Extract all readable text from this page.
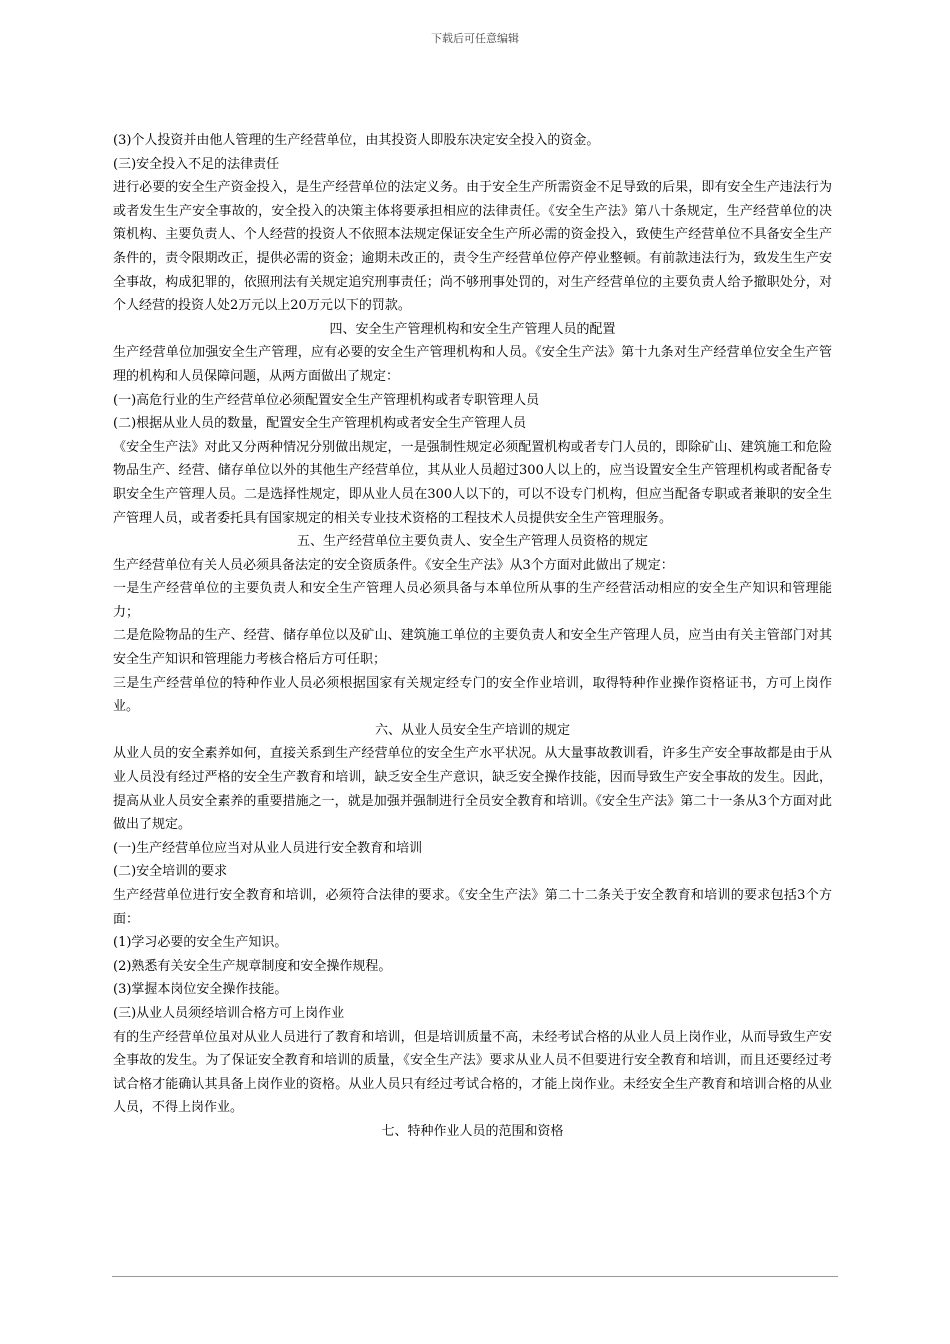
下载后可任意编辑

(3)个人投资并由他人管理的生产经营单位，由其投资人即股东决定安全投入的资金。

(三)安全投入不足的法律责任

进行必要的安全生产资金投入，是生产经营单位的法定义务。由于安全生产所需资金不足导致的后果，即有安全生产违法行为或者发生生产安全事故的，安全投入的决策主体将要承担相应的法律责任。《安全生产法》第八十条规定，生产经营单位的决策机构、主要负责人、个人经营的投资人不依照本法规定保证安全生产所必需的资金投入，致使生产经营单位不具备安全生产条件的，责令限期改正，提供必需的资金；逾期未改正的，责令生产经营单位停产停业整顿。有前款违法行为，致发生生产安全事故，构成犯罪的，依照刑法有关规定追究刑事责任；尚不够刑事处罚的，对生产经营单位的主要负责人给予撤职处分，对个人经营的投资人处2万元以上20万元以下的罚款。

四、安全生产管理机构和安全生产管理人员的配置

生产经营单位加强安全生产管理，应有必要的安全生产管理机构和人员。《安全生产法》第十九条对生产经营单位安全生产管理的机构和人员保障问题，从两方面做出了规定：

(一)高危行业的生产经营单位必须配置安全生产管理机构或者专职管理人员

(二)根据从业人员的数量，配置安全生产管理机构或者安全生产管理人员

《安全生产法》对此又分两种情况分别做出规定，一是强制性规定必须配置机构或者专门人员的，即除矿山、建筑施工和危险物品生产、经营、储存单位以外的其他生产经营单位，其从业人员超过300人以上的，应当设置安全生产管理机构或者配备专职安全生产管理人员。二是选择性规定，即从业人员在300人以下的，可以不设专门机构，但应当配备专职或者兼职的安全生产管理人员，或者委托具有国家规定的相关专业技术资格的工程技术人员提供安全生产管理服务。

五、生产经营单位主要负责人、安全生产管理人员资格的规定

生产经营单位有关人员必须具备法定的安全资质条件。《安全生产法》从3个方面对此做出了规定：

一是生产经营单位的主要负责人和安全生产管理人员必须具备与本单位所从事的生产经营活动相应的安全生产知识和管理能力；

二是危险物品的生产、经营、储存单位以及矿山、建筑施工单位的主要负责人和安全生产管理人员，应当由有关主管部门对其安全生产知识和管理能力考核合格后方可任职；

三是生产经营单位的特种作业人员必须根据国家有关规定经专门的安全作业培训，取得特种作业操作资格证书，方可上岗作业。

六、从业人员安全生产培训的规定

从业人员的安全素养如何，直接关系到生产经营单位的安全生产水平状况。从大量事故教训看，许多生产安全事故都是由于从业人员没有经过严格的安全生产教育和培训，缺乏安全生产意识，缺乏安全操作技能，因而导致生产安全事故的发生。因此，提高从业人员安全素养的重要措施之一，就是加强并强制进行全员安全教育和培训。《安全生产法》第二十一条从3个方面对此做出了规定。

(一)生产经营单位应当对从业人员进行安全教育和培训

(二)安全培训的要求

生产经营单位进行安全教育和培训，必须符合法律的要求。《安全生产法》第二十二条关于安全教育和培训的要求包括3个方面：

(1)学习必要的安全生产知识。

(2)熟悉有关安全生产规章制度和安全操作规程。

(3)掌握本岗位安全操作技能。

(三)从业人员须经培训合格方可上岗作业

有的生产经营单位虽对从业人员进行了教育和培训，但是培训质量不高，未经考试合格的从业人员上岗作业，从而导致生产安全事故的发生。为了保证安全教育和培训的质量，《安全生产法》要求从业人员不但要进行安全教育和培训，而且还要经过考试合格才能确认其具备上岗作业的资格。从业人员只有经过考试合格的，才能上岗作业。未经安全生产教育和培训合格的从业人员，不得上岗作业。

七、特种作业人员的范围和资格
